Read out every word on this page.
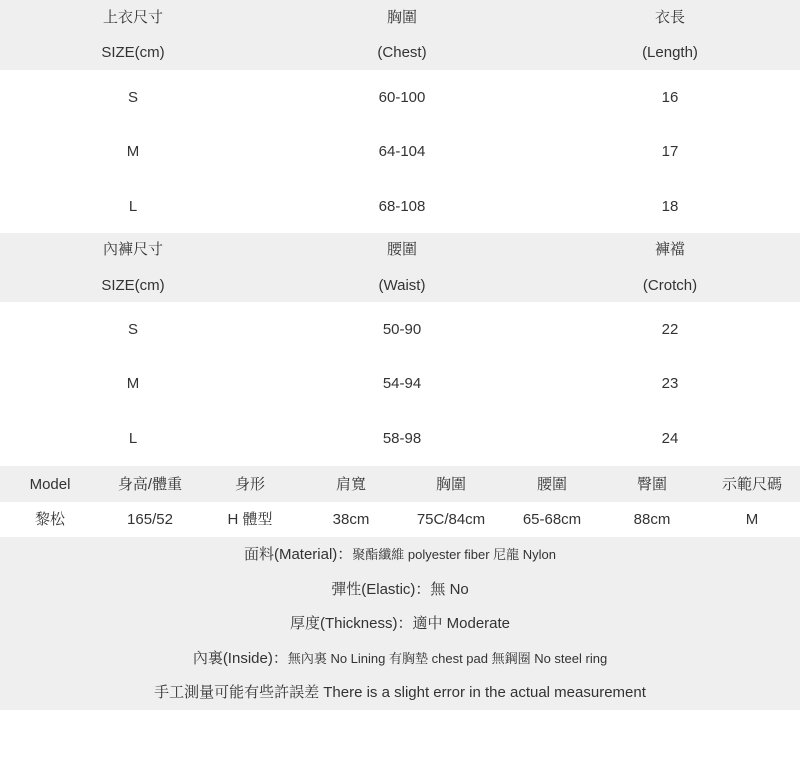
上衣尺寸	胸圍	衣長
SIZE(cm)	(Chest)	(Length)
S	60-100	16
M	64-104	17
L	68-108	18
內褲尺寸	腰圍	褲襠
SIZE(cm)	(Waist)	(Crotch)
S	50-90	22
M	54-94	23
L	58-98	24
Model	身高/體重	身形	肩寬	胸圍	腰圍	臀圍	示範尺碼
黎松	165/52	H 體型	38cm	75C/84cm	65-68cm	88cm	M
面料(Material)：聚酯纖維 polyester fiber 尼龍 Nylon
彈性(Elastic)：無 No
厚度(Thickness)：適中 Moderate
內裏(Inside)：無內裏 No Lining 有胸墊 chest pad 無鋼圈 No steel ring
手工測量可能有些許誤差 There is a slight error in the actual measurement
